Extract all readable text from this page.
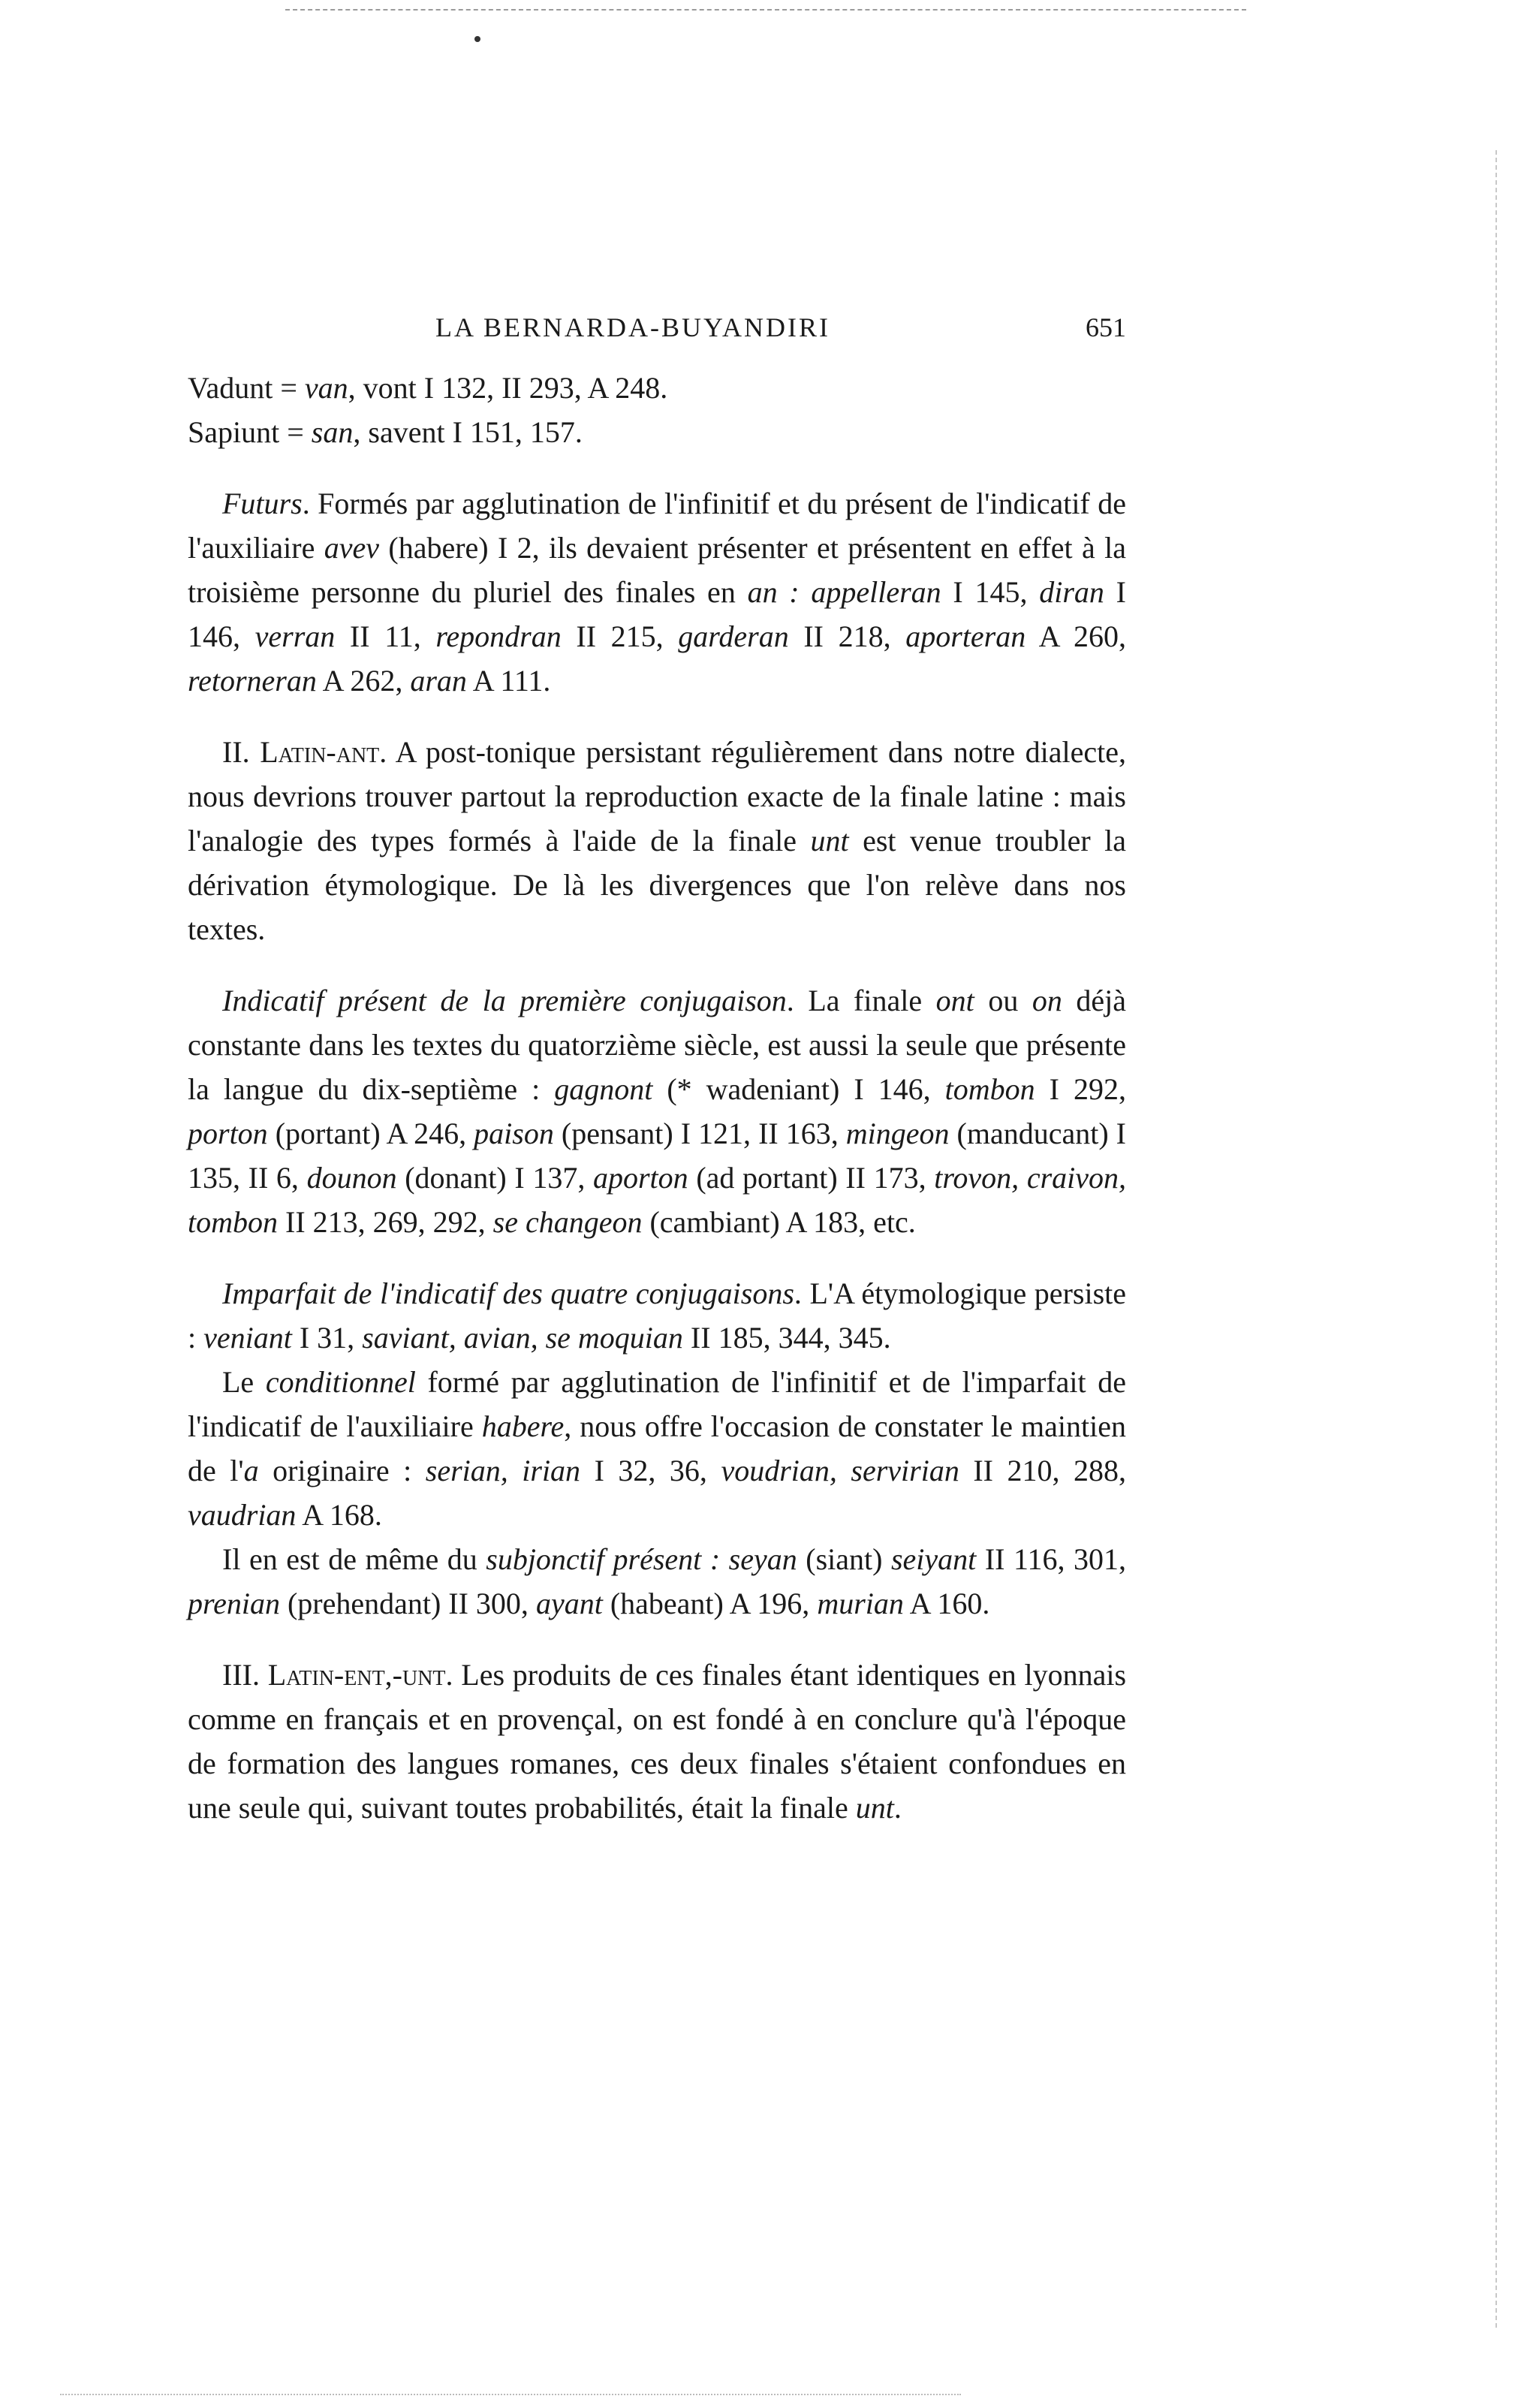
LA BERNARDA-BUYANDIRI	651
Vadunt = van, vont I 132, II 293, A 248.
Sapiunt = san, savent I 151, 157.

Futurs. Formés par agglutination de l'infinitif et du présent de l'indicatif de l'auxiliaire avev (habere) I 2, ils devaient présenter et présentent en effet à la troisième personne du pluriel des finales en an : appelleran I 145, diran I 146, verran II 11, repondran II 215, garderan II 218, aporteran A 260, retorneran A 262, aran A 111.

II. Latin-ant. A post-tonique persistant régulièrement dans notre dialecte, nous devrions trouver partout la reproduction exacte de la finale latine : mais l'analogie des types formés à l'aide de la finale unt est venue troubler la dérivation étymologique. De là les divergences que l'on relève dans nos textes.

Indicatif présent de la première conjugaison. La finale ont ou on déjà constante dans les textes du quatorzième siècle, est aussi la seule que présente la langue du dix-septième : gagnont (* wadeniant) I 146, tombon I 292, porton (portant) A 246, paison (pensant) I 121, II 163, mingeon (manducant) I 135, II 6, dounon (donant) I 137, aporton (ad portant) II 173, trovon, craivon, tombon II 213, 269, 292, se changeon (cambiant) A 183, etc.

Imparfait de l'indicatif des quatre conjugaisons. L'A étymologique persiste : veniant I 31, saviant, avian, se moquian II 185, 344, 345.

Le conditionnel formé par agglutination de l'infinitif et de l'imparfait de l'indicatif de l'auxiliaire habere, nous offre l'occasion de constater le maintien de l'a originaire : serian, irian I 32, 36, voudrian, servirian II 210, 288, vaudrian A 168.

Il en est de même du subjonctif présent : seyan (siant) seiyant II 116, 301, prenian (prehendant) II 300, ayant (habeant) A 196, murian A 160.

III. Latin-ent,-unt. Les produits de ces finales étant identiques en lyonnais comme en français et en provençal, on est fondé à en conclure qu'à l'époque de formation des langues romanes, ces deux finales s'étaient confondues en une seule qui, suivant toutes probabilités, était la finale unt.
